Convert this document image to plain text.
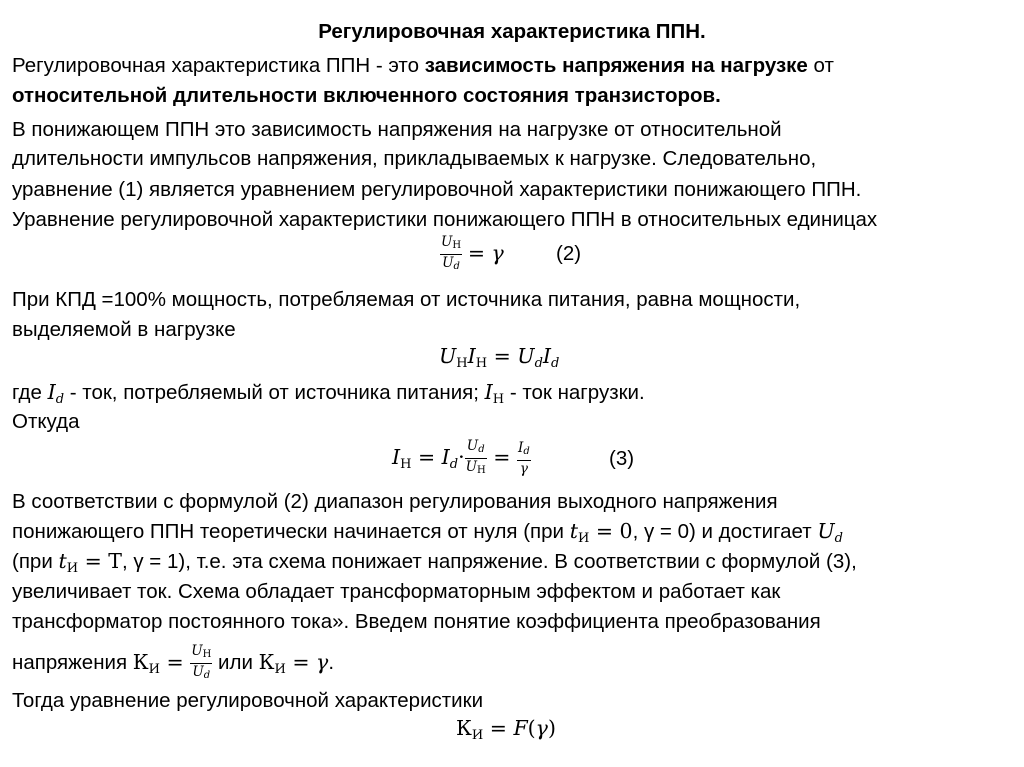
Регулировочная характеристика ППН.
Регулировочная характеристика ППН - это зависимость напряжения на нагрузке от
относительной длительности включенного состояния транзисторов.
В понижающем ППН это зависимость напряжения на нагрузке от относительной
длительности импульсов напряжения, прикладываемых к нагрузке. Следовательно,
уравнение (1) является уравнением регулировочной характеристики понижающего ППН.
Уравнение регулировочной характеристики понижающего ППН в относительных единицах
$U_Н$
$U_d$
= γ	(2)
При КПД =100% мощность, потребляемая от источника питания, равна мощности,
выделяемой в нагрузке
$U_НI_Н = U_dI_d$
где $I_d$ - ток, потребляемый от источника питания; $I_Н$ - ток нагрузки.
Откуда
$I_Н = I_d\cdot U_d$
$U_Н$
= $\frac{I_d}{\gamma}$	(3)
В соответствии с формулой (2) диапазон регулирования выходного напряжения
понижающего ППН теоретически начинается от нуля (при $t_И = 0$, γ = 0) и достигает $U_d$
(при $t_И = Т$, γ = 1), т.е. эта схема понижает напряжение. В соответствии с формулой (3),
увеличивает ток. Схема обладает трансформаторным эффектом и работает как
трансформатор постоянного тока». Введем понятие коэффициента преобразования
напряжения $К_И = U_Н$
$U_d$
или $К_И = \gamma$.
Тогда уравнение регулировочной характеристики
$К_И = F(\gamma)$
